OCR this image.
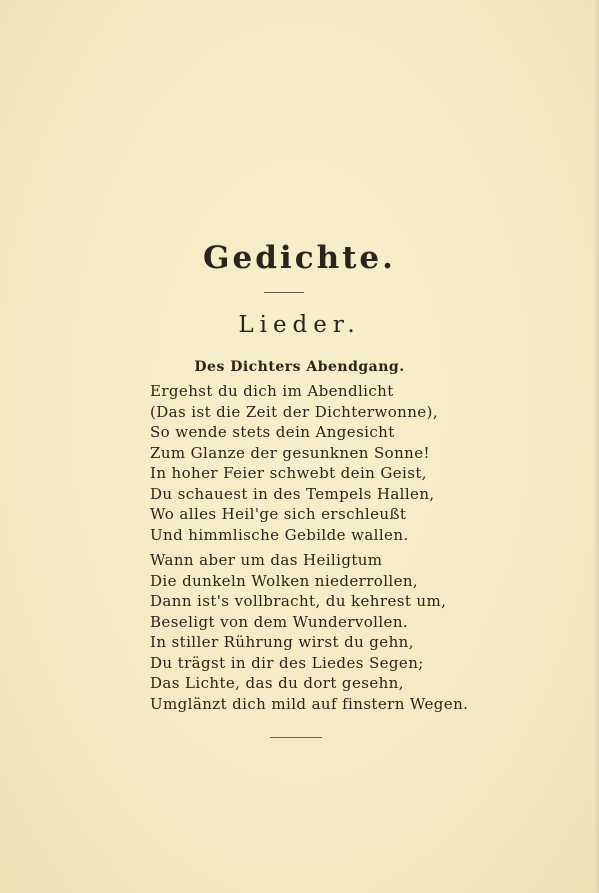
Gedichte.
Lieder.
Des Dichters Abendgang.
Ergehst du dich im Abendlicht
(Das ist die Zeit der Dichterwonne),
So wende stets dein Angesicht
Zum Glanze der gesunknen Sonne!
In hoher Feier schwebt dein Geist,
Du schauest in des Tempels Hallen,
Wo alles Heil'ge sich erschleußt
Und himmlische Gebilde wallen.
Wann aber um das Heiligtum
Die dunkeln Wolken niederrollen,
Dann ist's vollbracht, du kehrest um,
Beseligt von dem Wundervollen.
In stiller Rührung wirst du gehn,
Du trägst in dir des Liedes Segen;
Das Lichte, das du dort gesehn,
Umglänzt dich mild auf finstern Wegen.
